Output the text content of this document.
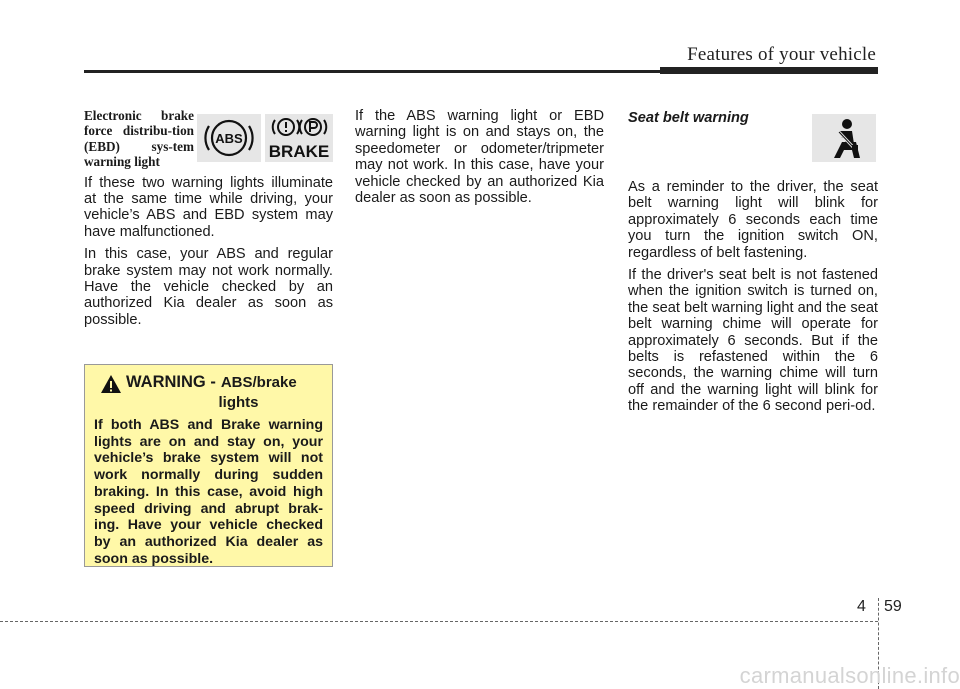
Features of your vehicle
Electronic brake force distribu-tion (EBD) sys-tem warning light

If these two warning lights illuminate at the same time while driving, your vehicle’s ABS and EBD system may have malfunctioned.

In this case, your ABS and regular brake system may not work normally. Have the vehicle checked by an authorized Kia dealer as soon as possible.

ABS
BRAKE
WARNING - ABS/brake
lights
If both ABS and Brake warning lights are on and stay on, your vehicle’s brake system will not work normally during sudden braking. In this case, avoid high speed driving and abrupt brak-ing. Have your vehicle checked by an authorized Kia dealer as soon as possible.

If the ABS warning light or EBD warning light is on and stays on, the speedometer or odometer/tripmeter may not work. In this case, have your vehicle checked by an authorized Kia dealer as soon as possible.

Seat belt warning

As a reminder to the driver, the seat belt warning light will blink for approximately 6 seconds each time you turn the ignition switch ON, regardless of belt fastening.

If the driver's seat belt is not fastened when the ignition switch is turned on, the seat belt warning light and the seat belt warning chime will operate for approximately 6 seconds. But if the belts is refastened within the 6 seconds, the warning chime will turn off and the warning light will blink for the remainder of the 6 second peri-od.

4 59
carmanualsonline.info
